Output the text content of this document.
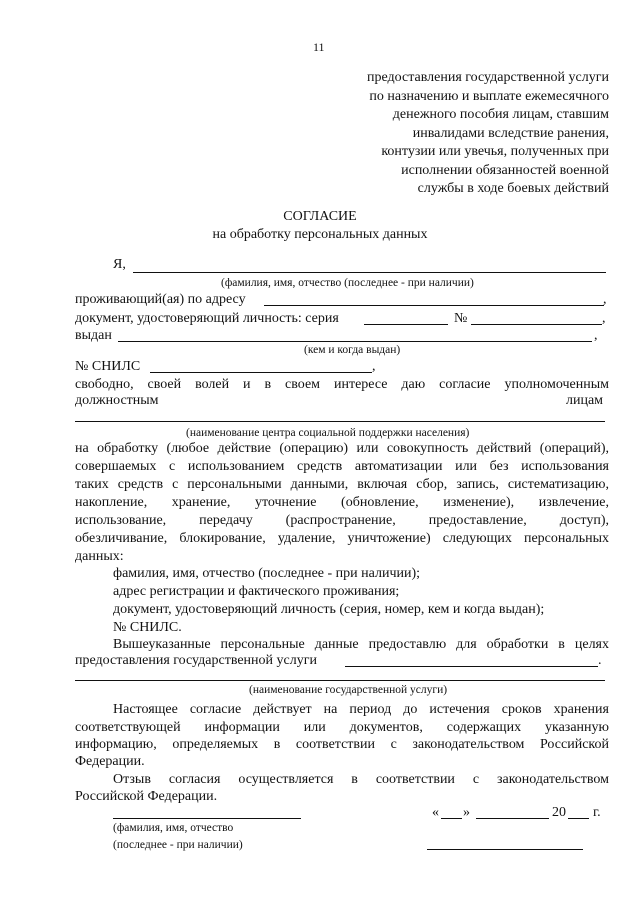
11
предоставления государственной услуги
по назначению и выплате ежемесячного
денежного пособия лицам, ставшим
инвалидами вследствие ранения,
контузии или увечья, полученных при
исполнении обязанностей военной
службы в ходе боевых действий
СОГЛАСИЕ
на обработку персональных данных
Я,
(фамилия, имя, отчество (последнее - при наличии)
проживающий(ая) по адресу	,
документ, удостоверяющий личность: серия	№	,
выдан	,
(кем и когда выдан)
№ СНИЛС	,
свободно, своей волей и в своем интересе даю согласие уполномоченным
должностным	лицам
(наименование центра социальной поддержки населения)
на обработку (любое действие (операцию) или совокупность действий (операций),
совершаемых с использованием средств автоматизации или без использования
таких средств с персональными данными, включая сбор, запись, систематизацию,
накопление, хранение, уточнение (обновление, изменение), извлечение,
использование, передачу (распространение, предоставление, доступ),
обезличивание, блокирование, удаление, уничтожение) следующих персональных
данных:
фамилия, имя, отчество (последнее - при наличии);
адрес регистрации и фактического проживания;
документ, удостоверяющий личность (серия, номер, кем и когда выдан);
№ СНИЛС.
Вышеуказанные персональные данные предоставлю для обработки в целях
предоставления государственной услуги	.
(наименование государственной услуги)
Настоящее согласие действует на период до истечения сроков хранения
соответствующей информации или документов, содержащих указанную
информацию, определяемых в соответствии с законодательством Российской
Федерации.
Отзыв согласия осуществляется в соответствии с законодательством
Российской Федерации.
« »	20 г.
(фамилия, имя, отчество
(последнее - при наличии)
